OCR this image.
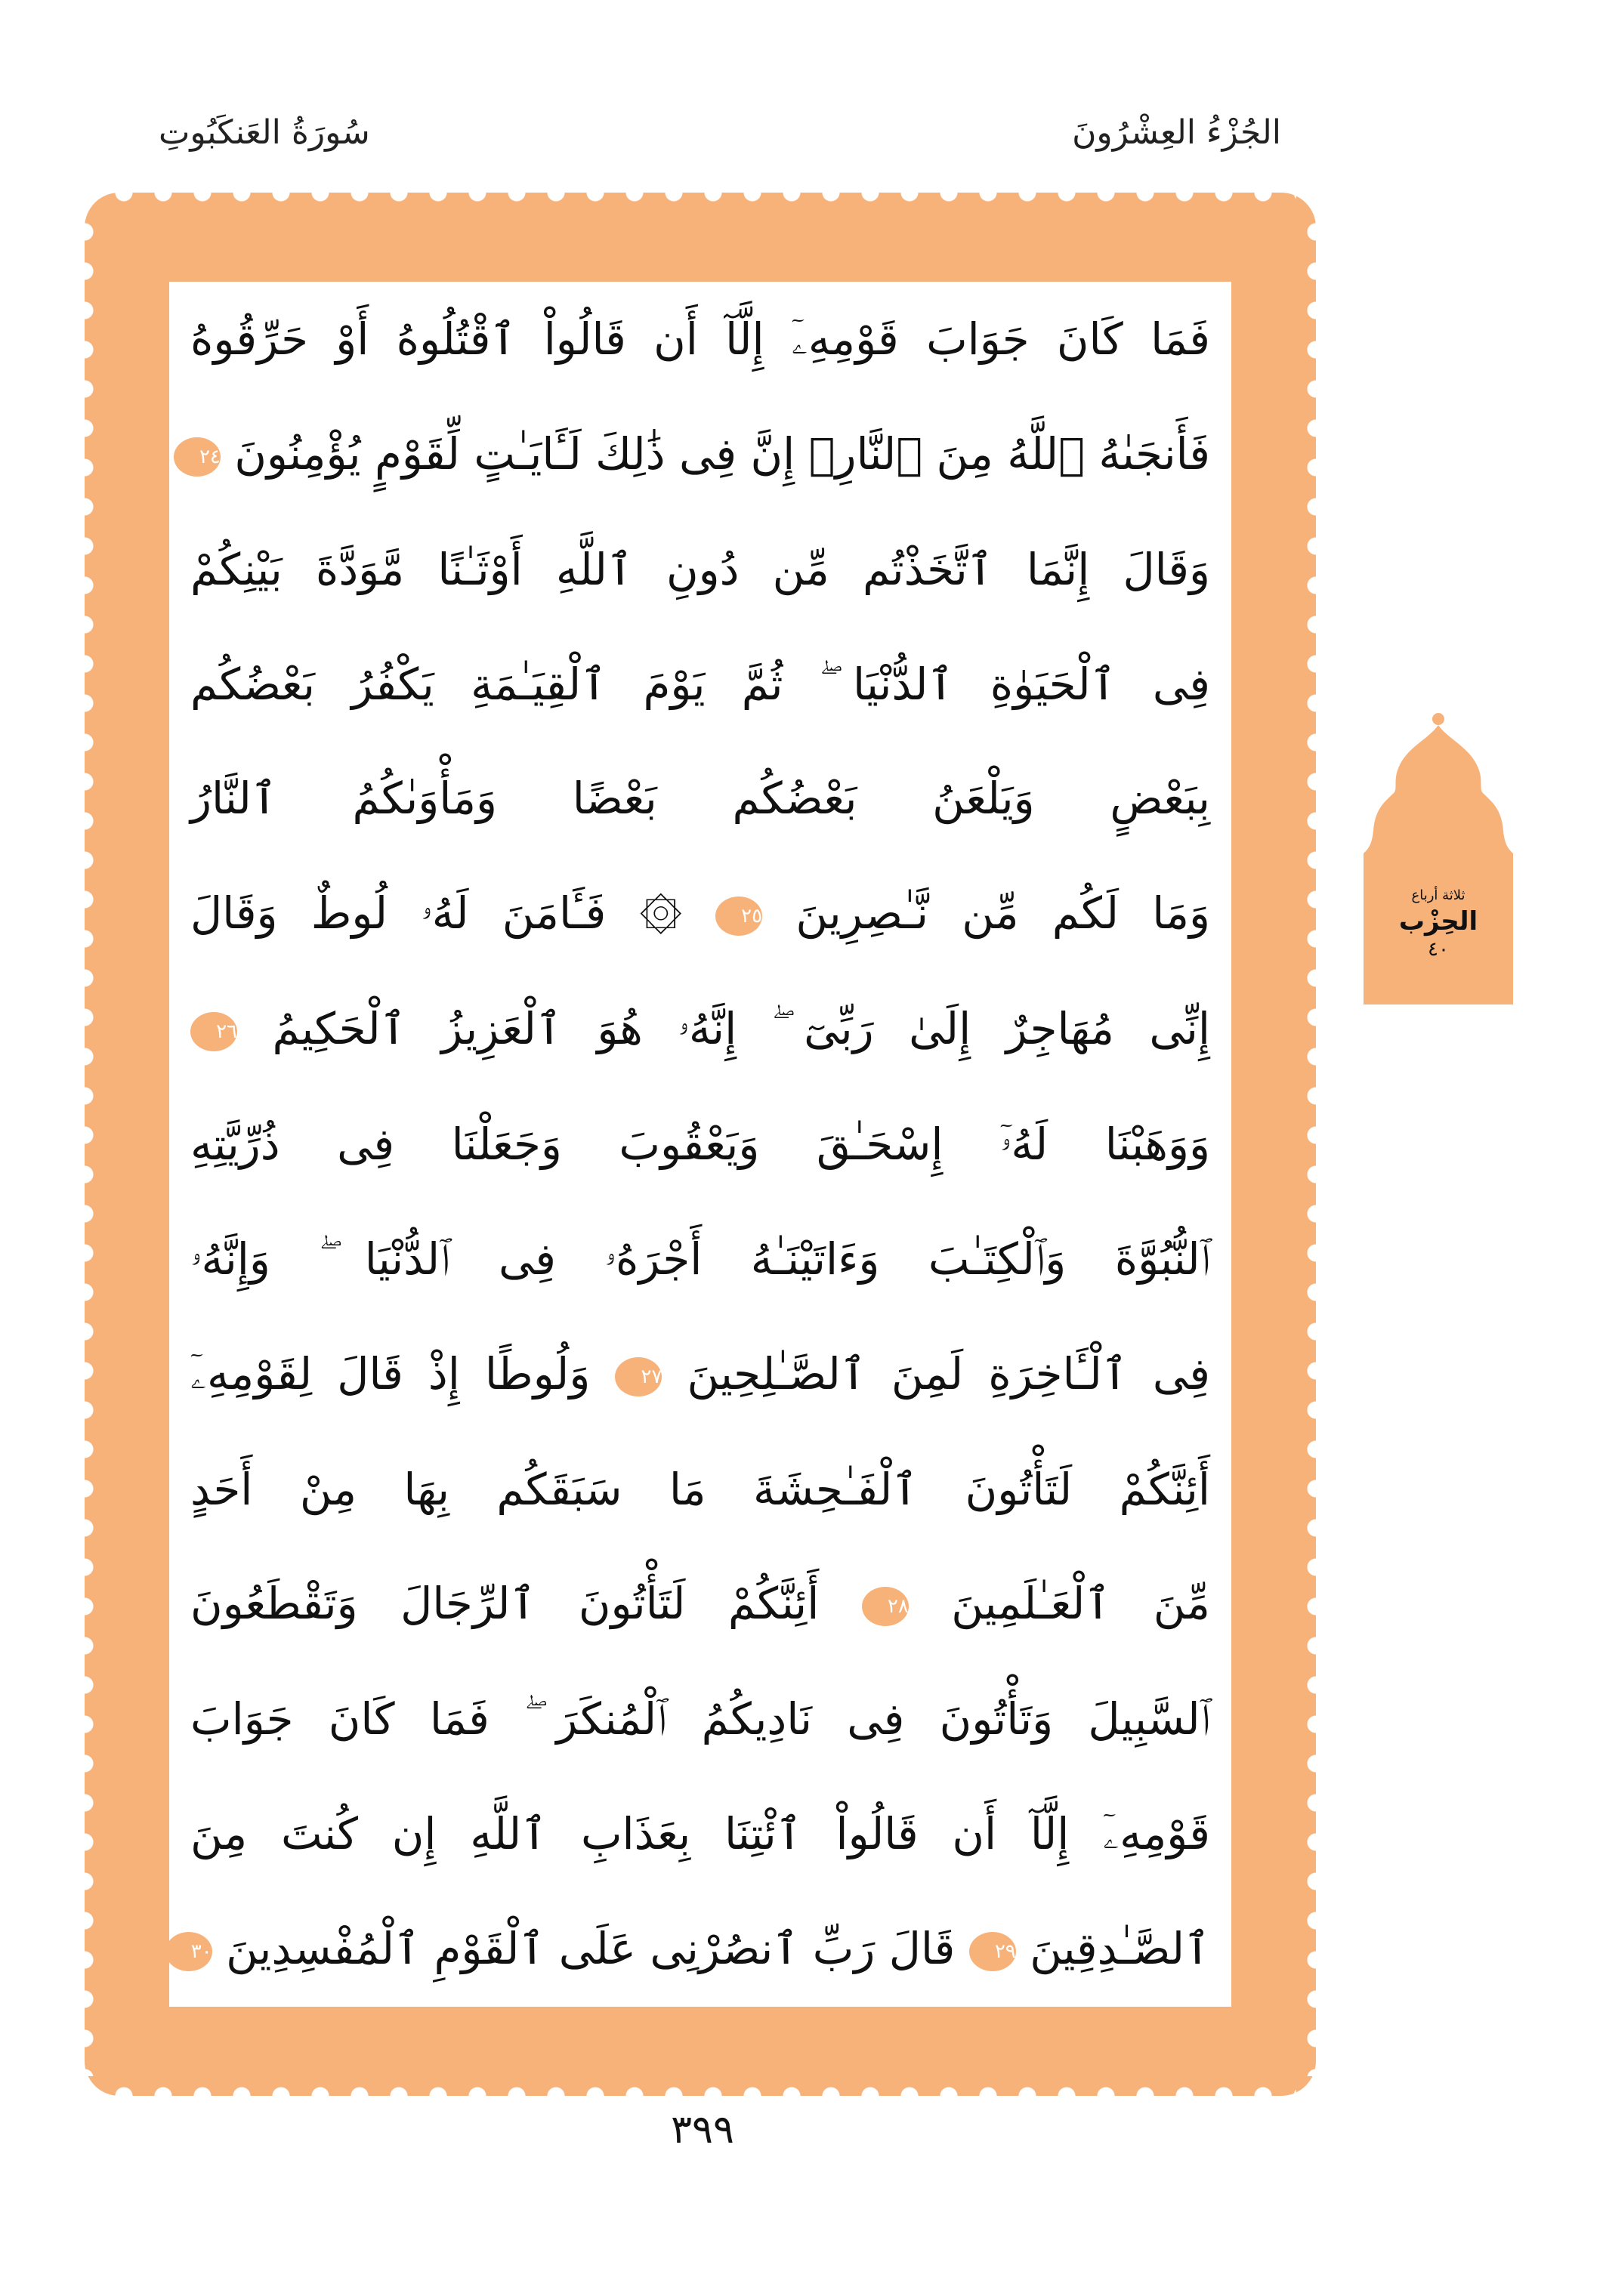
الجُزْءُ العِشْرُونَ
سُورَةُ العَنكَبُوتِ
فَمَا كَانَ جَوَابَ قَوْمِهِۦٓ إِلَّآ أَن قَالُواْ ٱقْتُلُوهُ أَوْ حَرِّقُوهُ
فَأَنجَىٰهُ ٱللَّهُ مِنَ ٱلنَّارِۚ إِنَّ فِى ذَٰلِكَ لَـَٔايَـٰتٍ لِّقَوْمٍ يُؤْمِنُونَ ٢٤
وَقَالَ إِنَّمَا ٱتَّخَذْتُم مِّن دُونِ ٱللَّهِ أَوْثَـٰنًا مَّوَدَّةَ بَيْنِكُمْ
فِى ٱلْحَيَوٰةِ ٱلدُّنْيَا ۖ ثُمَّ يَوْمَ ٱلْقِيَـٰمَةِ يَكْفُرُ بَعْضُكُم
بِبَعْضٍ وَيَلْعَنُ بَعْضُكُم بَعْضًا وَمَأْوَىٰكُمُ ٱلنَّارُ
وَمَا لَكُم مِّن نَّـٰصِرِينَ ٢٥ ۞ فَـَٔامَنَ لَهُۥ لُوطٌ وَقَالَ
إِنِّى مُهَاجِرٌ إِلَىٰ رَبِّىٓ ۖ إِنَّهُۥ هُوَ ٱلْعَزِيزُ ٱلْحَكِيمُ ٢٦
وَوَهَبْنَا لَهُۥٓ إِسْحَـٰقَ وَيَعْقُوبَ وَجَعَلْنَا فِى ذُرِّيَّتِهِ
ٱلنُّبُوَّةَ وَٱلْكِتَـٰبَ وَءَاتَيْنَـٰهُ أَجْرَهُۥ فِى ٱلدُّنْيَا ۖ وَإِنَّهُۥ
فِى ٱلْـَٔاخِرَةِ لَمِنَ ٱلصَّـٰلِحِينَ ٢٧ وَلُوطًا إِذْ قَالَ لِقَوْمِهِۦٓ
أَئِنَّكُمْ لَتَأْتُونَ ٱلْفَـٰحِشَةَ مَا سَبَقَكُم بِهَا مِنْ أَحَدٍ
مِّنَ ٱلْعَـٰلَمِينَ ٢٨ أَئِنَّكُمْ لَتَأْتُونَ ٱلرِّجَالَ وَتَقْطَعُونَ
ٱلسَّبِيلَ وَتَأْتُونَ فِى نَادِيكُمُ ٱلْمُنكَرَ ۖ فَمَا كَانَ جَوَابَ
قَوْمِهِۦٓ إِلَّآ أَن قَالُواْ ٱئْتِنَا بِعَذَابِ ٱللَّهِ إِن كُنتَ مِنَ
ٱلصَّـٰدِقِينَ ٢٩ قَالَ رَبِّ ٱنصُرْنِى عَلَى ٱلْقَوْمِ ٱلْمُفْسِدِينَ ٣٠
ثلاثة أرباع
الحِزْب
٤٠
٣٩٩
